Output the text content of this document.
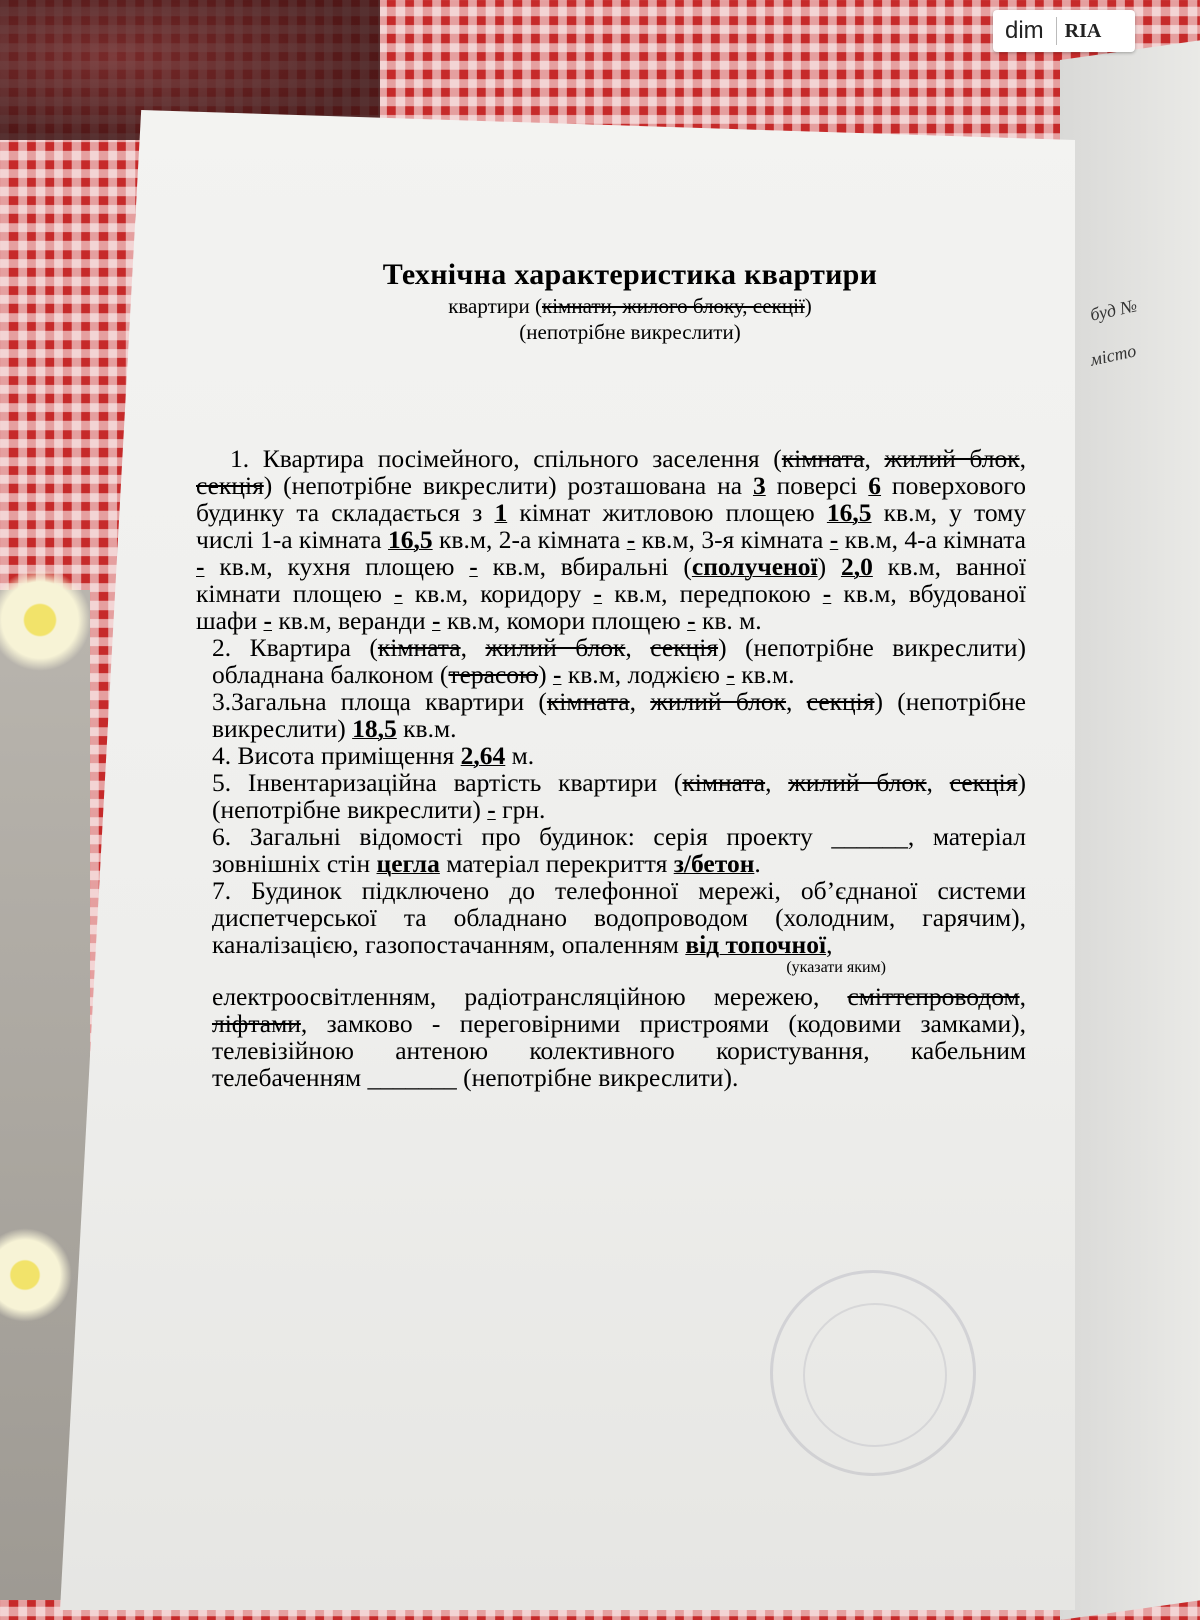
буд №
місто
dim	RIA
Технічна характеристика квартири
квартири (кімнати, жилого блоку, секції)
(непотрібне викреслити)

1. Квартира посімейного, спільного заселення (кімната, жилий блок, секція) (непотрібне викреслити) розташована на 3 поверсі 6 поверхового будинку та складається з 1 кімнат житловою площею 16,5 кв.м, у тому числі 1-а кімната 16,5 кв.м, 2-а кімната - кв.м, 3-я кімната - кв.м, 4-а кімната - кв.м, кухня площею - кв.м, вбиральні (сполученої) 2,0 кв.м, ванної кімнати площею - кв.м, коридору - кв.м, передпокою - кв.м, вбудованої шафи - кв.м, веранди - кв.м, комори площею - кв. м.

2. Квартира (кімната, жилий блок, секція) (непотрібне викреслити) обладнана балконом (терасою) - кв.м, лоджією - кв.м.

3.Загальна площа квартири (кімната, жилий блок, секція) (непотрібне викреслити) 18,5 кв.м.

4. Висота приміщення 2,64 м.

5. Інвентаризаційна вартість квартири (кімната, жилий блок, секція) (непотрібне викреслити) - грн.

6. Загальні відомості про будинок: серія проекту ______, матеріал зовнішніх стін цегла матеріал перекриття з/бетон.

7. Будинок підключено до телефонної мережі, об’єднаної системи диспетчерської та обладнано водопроводом (холодним, гарячим), каналізацією, газопостачанням, опаленням від топочної,
(указати яким)
електроосвітленням, радіотрансляційною мережею, сміттєпроводом, ліфтами, замково - переговірними пристроями (кодовими замками), телевізійною антеною колективного користування, кабельним телебаченням _______ (непотрібне викреслити).
